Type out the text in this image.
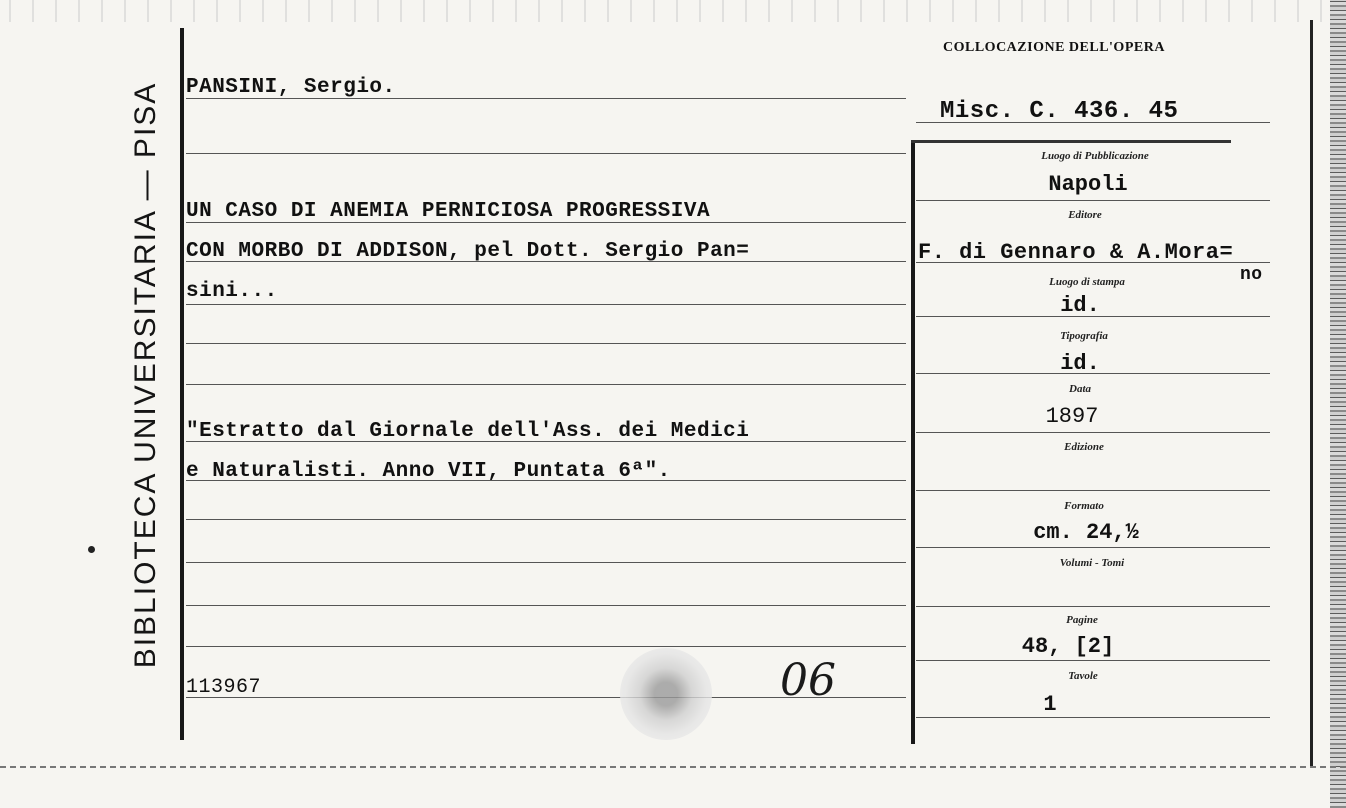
BIBLIOTECA UNIVERSITARIA — PISA
COLLOCAZIONE DELL'OPERA
PANSINI, Sergio.
Misc. C. 436. 45
UN CASO DI ANEMIA PERNICIOSA PROGRESSIVA
CON MORBO DI ADDISON, pel Dott. Sergio Pan=
sini...
"Estratto dal Giornale dell'Ass. dei Medici
e Naturalisti. Anno VII, Puntata 6ª".
113967	06
Luogo di Pubblicazione
Napoli
Editore
F. di Gennaro & A.Mora=
no
Luogo di stampa
id.
Tipografia
id.
Data
1897
Edizione
Formato
cm. 24,½
Volumi - Tomi
Pagine
48, [2]
Tavole
1
